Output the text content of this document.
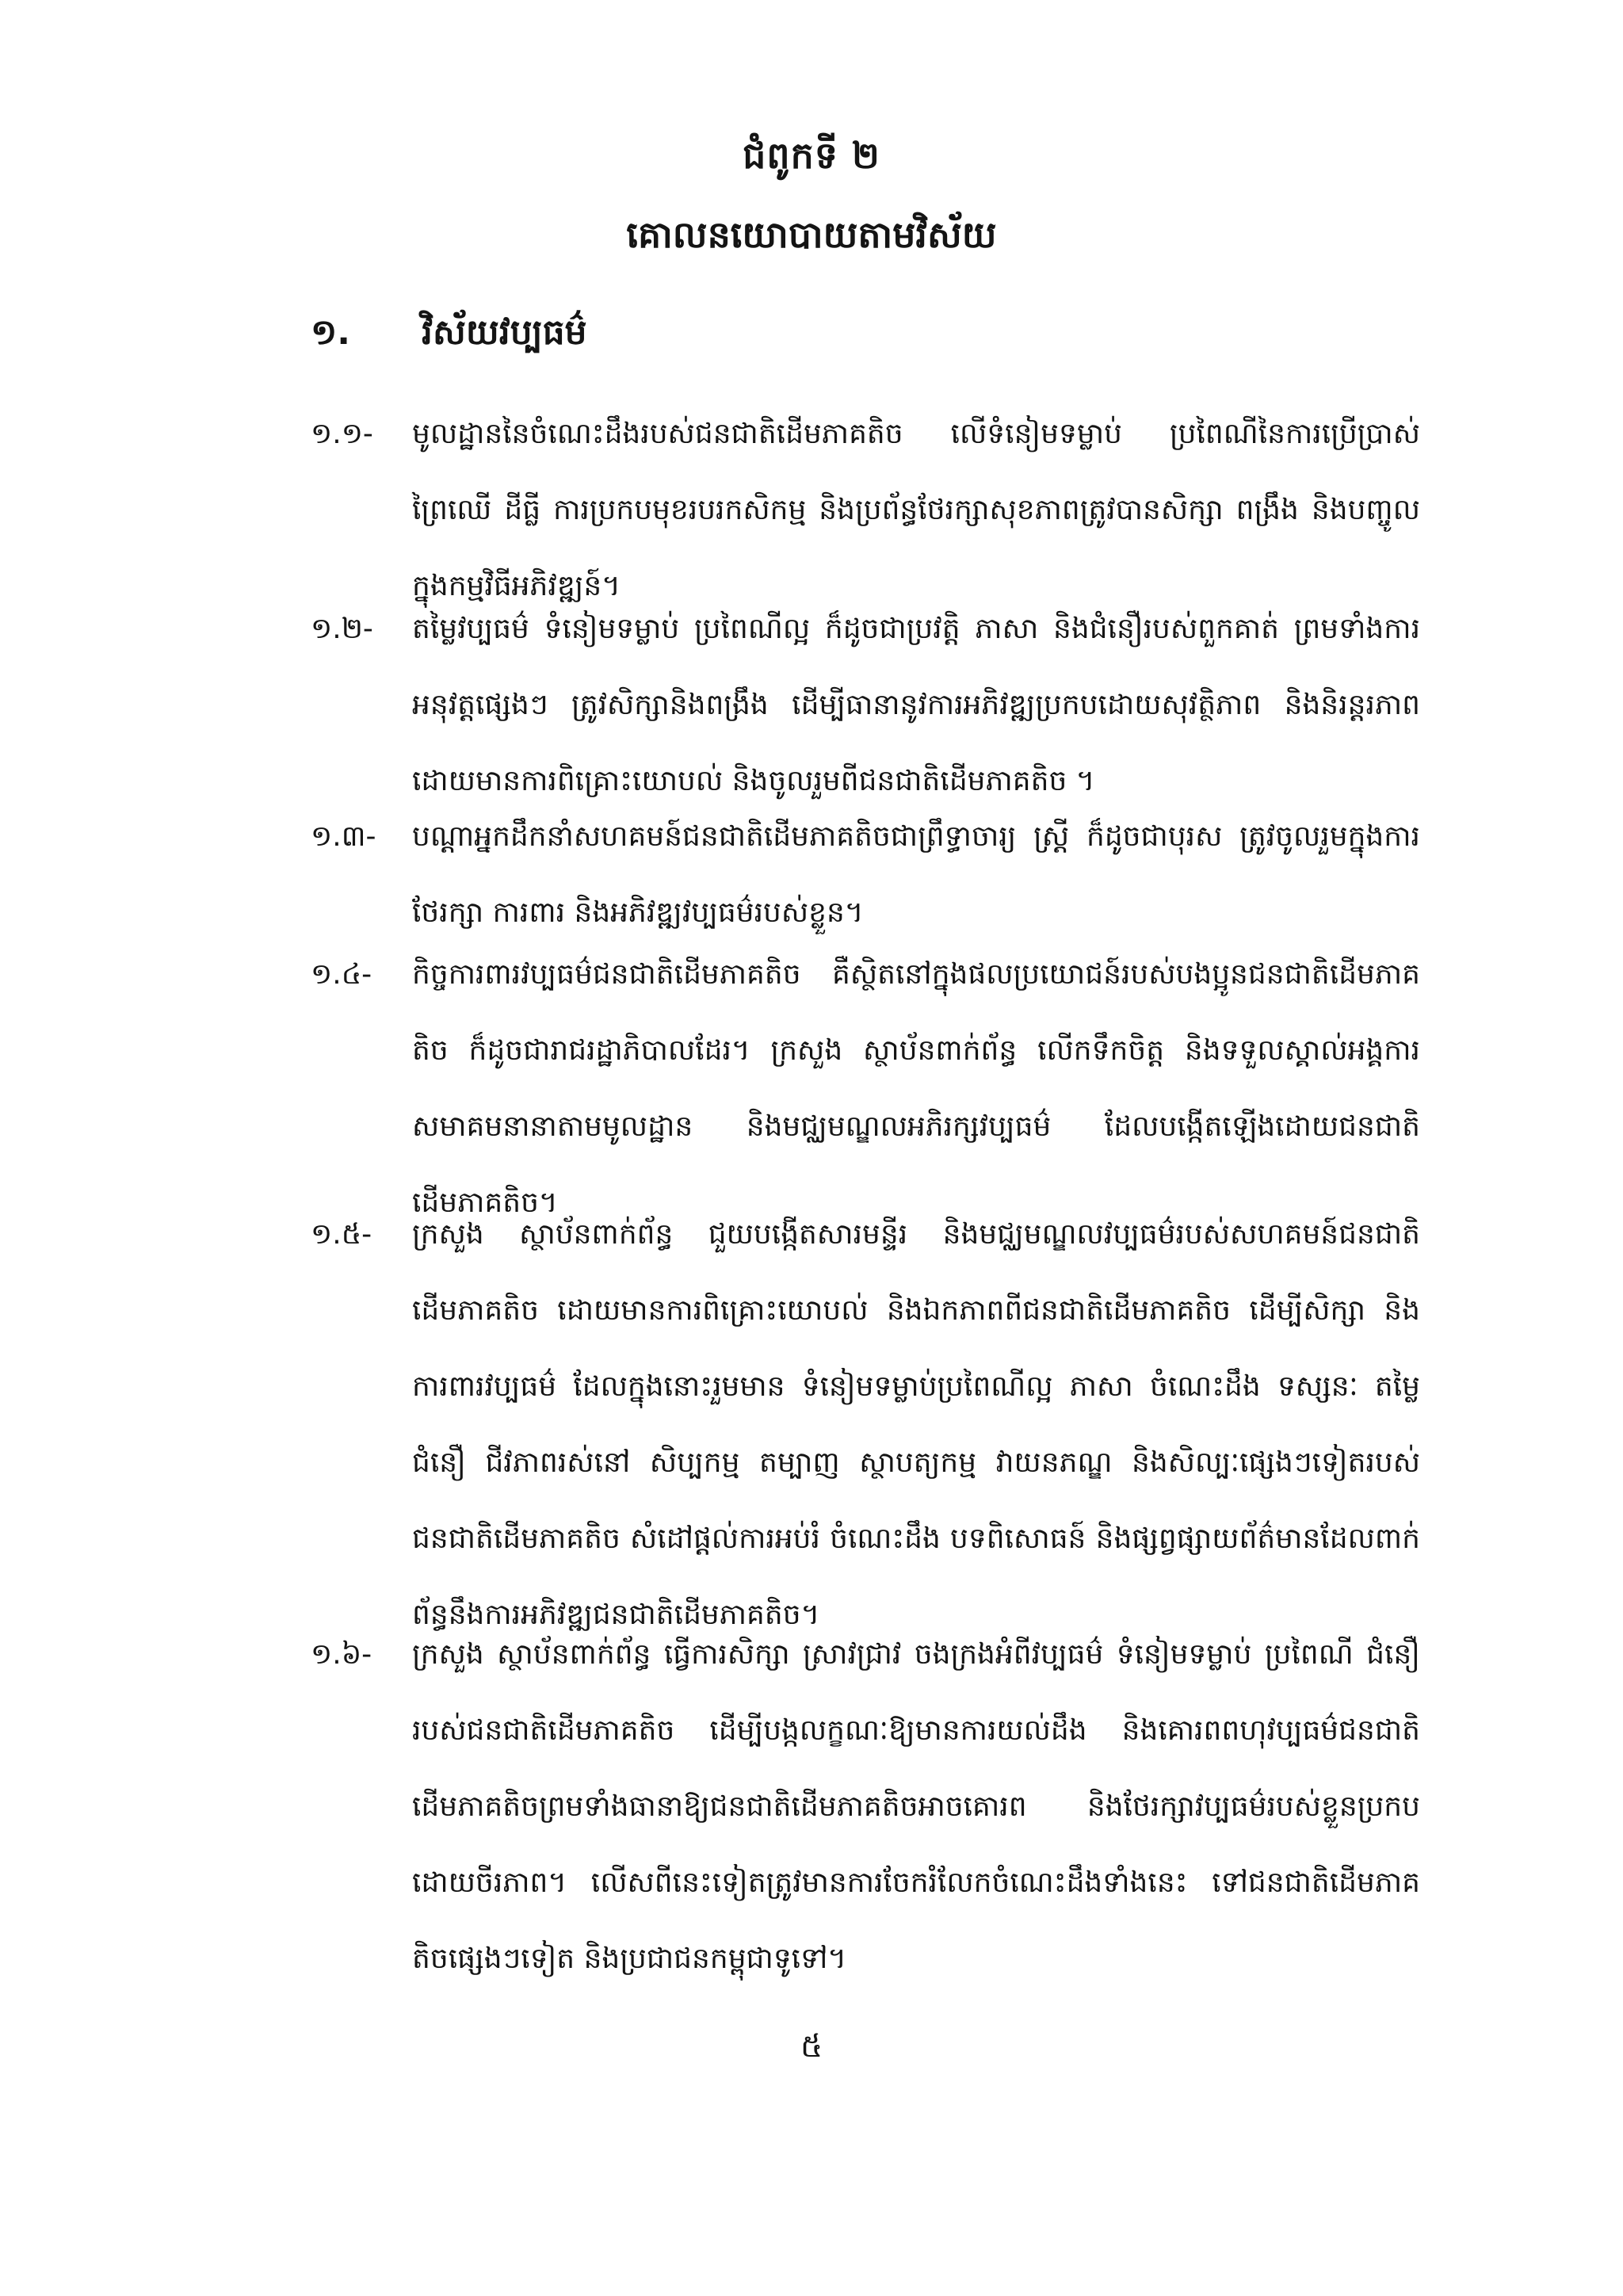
ជំពូកទី ២
គោលនយោបាយតាមវិស័យ
១. វិស័យវប្បធម៌
១.១-	មូលដ្ឋាននៃចំណេះដឹងរបស់ជនជាតិដើមភាគតិច លើទំនៀមទម្លាប់ ប្រពៃណីនៃការប្រើប្រាស់ព្រៃឈើ ដីធ្លី ការប្រកបមុខរបរកសិកម្ម និងប្រព័ន្ធថែរក្សាសុខភាពត្រូវបានសិក្សា ពង្រឹង និងបញ្ចូលក្នុងកម្មវិធីអភិវឌ្ឍន៍។
១.២-	តម្លៃវប្បធម៌ ទំនៀមទម្លាប់ ប្រពៃណីល្អ ក៏ដូចជាប្រវត្តិ ភាសា និងជំនឿរបស់ពួកគាត់ ព្រមទាំងការអនុវត្តផ្សេងៗ ត្រូវសិក្សានិងពង្រឹង ដើម្បីធានានូវការអភិវឌ្ឍប្រកបដោយសុវត្ថិភាព និងនិរន្តរភាព ដោយមានការពិគ្រោះយោបល់ និងចូលរួមពីជនជាតិដើមភាគតិច ។
១.៣-	បណ្តាអ្នកដឹកនាំសហគមន៍ជនជាតិដើមភាគតិចជាព្រឹទ្ធាចារ្យ ស្ត្រី ក៏ដូចជាបុរស ត្រូវចូលរួមក្នុងការថែរក្សា ការពារ និងអភិវឌ្ឍវប្បធម៌របស់ខ្លួន។
១.៤-	កិច្ចការពារវប្បធម៌ជនជាតិដើមភាគតិច គឺស្ថិតនៅក្នុងផលប្រយោជន៍របស់បងប្អូនជនជាតិដើមភាគតិច ក៏ដូចជារាជរដ្ឋាភិបាលដែរ។ ក្រសួង ស្ថាប័នពាក់ព័ន្ធ លើកទឹកចិត្ត និងទទួលស្គាល់អង្គការសមាគមនានាតាមមូលដ្ឋាន និងមជ្ឈមណ្ឌលអភិរក្សវប្បធម៌ ដែលបង្កើតឡើងដោយជនជាតិដើមភាគតិច។
១.៥-	ក្រសួង ស្ថាប័នពាក់ព័ន្ធ ជួយបង្កើតសារមន្ទីរ និងមជ្ឈមណ្ឌលវប្បធម៌របស់សហគមន៍ជនជាតិដើមភាគតិច ដោយមានការពិគ្រោះយោបល់ និងឯកភាពពីជនជាតិដើមភាគតិច ដើម្បីសិក្សា និងការពារវប្បធម៌ ដែលក្នុងនោះរួមមាន ទំនៀមទម្លាប់ប្រពៃណីល្អ ភាសា ចំណេះដឹង ទស្សនៈ តម្លៃ ជំនឿ ជីវភាពរស់នៅ សិប្បកម្ម តម្បាញ ស្ថាបត្យកម្ម វាយនភណ្ឌ និងសិល្បៈផ្សេងៗទៀតរបស់ជនជាតិដើមភាគតិច សំដៅផ្តល់ការអប់រំ ចំណេះដឹង បទពិសោធន៍ និងផ្សព្វផ្សាយព័ត៌មានដែលពាក់ព័ន្ធនឹងការអភិវឌ្ឍជនជាតិដើមភាគតិច។
១.៦-	ក្រសួង ស្ថាប័នពាក់ព័ន្ធ ធ្វើការសិក្សា ស្រាវជ្រាវ ចងក្រងអំពីវប្បធម៌ ទំនៀមទម្លាប់ ប្រពៃណី ជំនឿរបស់ជនជាតិដើមភាគតិច ដើម្បីបង្កលក្ខណៈឱ្យមានការយល់ដឹង និងគោរពពហុវប្បធម៌ជនជាតិដើមភាគតិចព្រមទាំងធានាឱ្យជនជាតិដើមភាគតិចអាចគោរព និងថែរក្សាវប្បធម៌របស់ខ្លួនប្រកបដោយចីរភាព។ លើសពីនេះទៀតត្រូវមានការចែករំលែកចំណេះដឹងទាំងនេះ ទៅជនជាតិដើមភាគតិចផ្សេងៗទៀត និងប្រជាជនកម្ពុជាទូទៅ។
៥
